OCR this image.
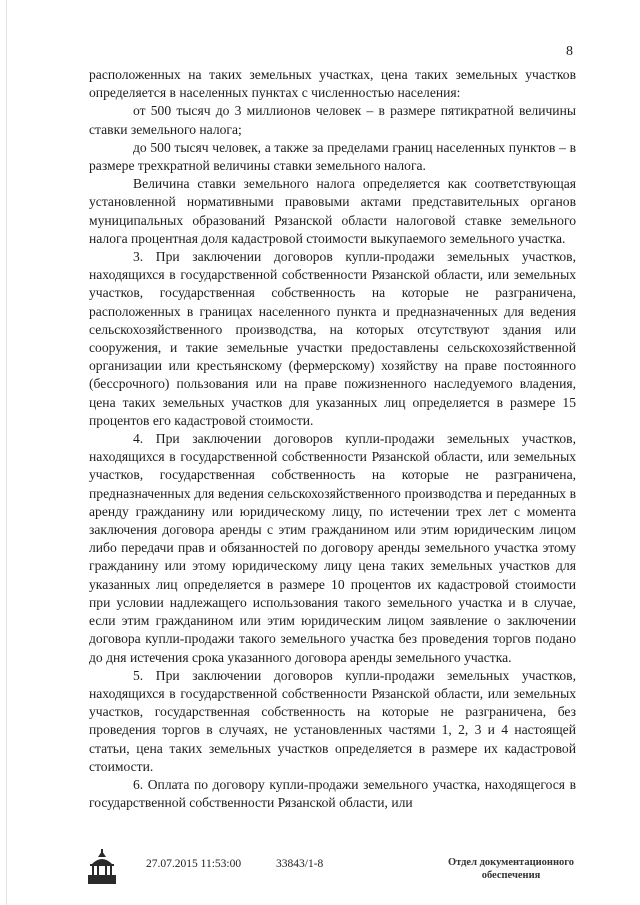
8

расположенных на таких земельных участках, цена таких земельных участков определяется в населенных пунктах с численностью населения:

от 500 тысяч до 3 миллионов человек – в размере пятикратной величины ставки земельного налога;

до 500 тысяч человек, а также за пределами границ населенных пунктов – в размере трехкратной величины ставки земельного налога.

Величина ставки земельного налога определяется как соответствующая установленной нормативными правовыми актами представительных органов муниципальных образований Рязанской области налоговой ставке земельного налога процентная доля кадастровой стоимости выкупаемого земельного участка.

3. При заключении договоров купли-продажи земельных участков, находящихся в государственной собственности Рязанской области, или земельных участков, государственная собственность на которые не разграничена, расположенных в границах населенного пункта и предназначенных для ведения сельскохозяйственного производства, на которых отсутствуют здания или сооружения, и такие земельные участки предоставлены сельскохозяйственной организации или крестьянскому (фермерскому) хозяйству на праве постоянного (бессрочного) пользования или на праве пожизненного наследуемого владения, цена таких земельных участков для указанных лиц определяется в размере 15 процентов его кадастровой стоимости.

4. При заключении договоров купли-продажи земельных участков, находящихся в государственной собственности Рязанской области, или земельных участков, государственная собственность на которые не разграничена, предназначенных для ведения сельскохозяйственного производства и переданных в аренду гражданину или юридическому лицу, по истечении трех лет с момента заключения договора аренды с этим гражданином или этим юридическим лицом либо передачи прав и обязанностей по договору аренды земельного участка этому гражданину или этому юридическому лицу цена таких земельных участков для указанных лиц определяется в размере 10 процентов их кадастровой стоимости при условии надлежащего использования такого земельного участка и в случае, если этим гражданином или этим юридическим лицом заявление о заключении договора купли-продажи такого земельного участка без проведения торгов подано до дня истечения срока указанного договора аренды земельного участка.

5. При заключении договоров купли-продажи земельных участков, находящихся в государственной собственности Рязанской области, или земельных участков, государственная собственность на которые не разграничена, без проведения торгов в случаях, не установленных частями 1, 2, 3 и 4 настоящей статьи, цена таких земельных участков определяется в размере их кадастровой стоимости.

6. Оплата по договору купли-продажи земельного участка, находящегося в государственной собственности Рязанской области, или

27.07.2015 11:53:00	33843/1-8	Отдел документационного
обеспечения
